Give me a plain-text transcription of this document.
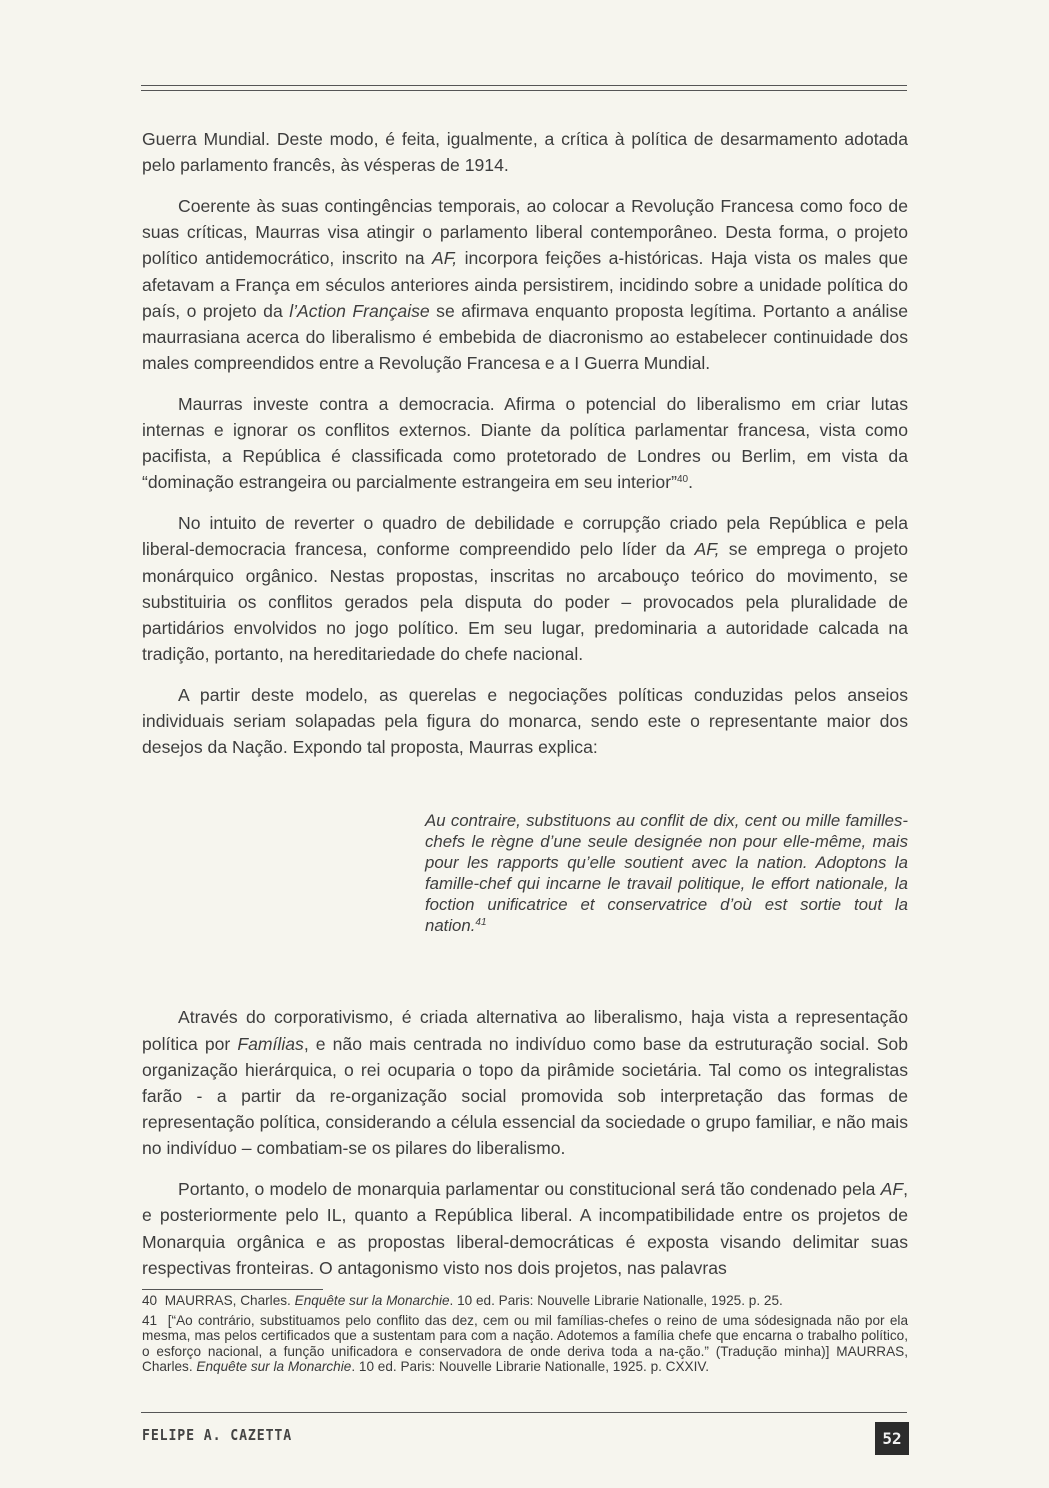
Guerra Mundial. Deste modo, é feita, igualmente, a crítica à política de desarmamento adotada pelo parlamento francês, às vésperas de 1914.

Coerente às suas contingências temporais, ao colocar a Revolução Francesa como foco de suas críticas, Maurras visa atingir o parlamento liberal contemporâneo. Desta forma, o projeto político antidemocrático, inscrito na AF, incorpora feições a-históricas. Haja vista os males que afetavam a França em séculos anteriores ainda persistirem, incidindo sobre a unidade política do país, o projeto da l’Action Française se afirmava enquanto proposta legítima. Portanto a análise maurrasiana acerca do liberalismo é embebida de diacronismo ao estabelecer continuidade dos males compreendidos entre a Revolução Francesa e a I Guerra Mundial.

Maurras investe contra a democracia. Afirma o potencial do liberalismo em criar lutas internas e ignorar os conflitos externos. Diante da política parlamentar francesa, vista como pacifista, a República é classificada como protetorado de Londres ou Berlim, em vista da “dominação estrangeira ou parcialmente estrangeira em seu interior”$^{40}$.

No intuito de reverter o quadro de debilidade e corrupção criado pela República e pela liberal-democracia francesa, conforme compreendido pelo líder da AF, se emprega o projeto monárquico orgânico. Nestas propostas, inscritas no arcabouço teórico do movimento, se substituiria os conflitos gerados pela disputa do poder – provocados pela pluralidade de partidários envolvidos no jogo político. Em seu lugar, predominaria a autoridade calcada na tradição, portanto, na hereditariedade do chefe nacional.

A partir deste modelo, as querelas e negociações políticas conduzidas pelos anseios individuais seriam solapadas pela figura do monarca, sendo este o representante maior dos desejos da Nação. Expondo tal proposta, Maurras explica:

Au contraire, substituons au conflit de dix, cent ou mille familles-chefs le règne d’une seule designée non pour elle-même, mais pour les rapports qu’elle soutient avec la nation. Adoptons la famille-chef qui incarne le travail politique, le effort nationale, la foction unificatrice et conservatrice d’où est sortie tout la nation.$^{41}$

Através do corporativismo, é criada alternativa ao liberalismo, haja vista a representação política por Famílias, e não mais centrada no indivíduo como base da estruturação social. Sob organização hierárquica, o rei ocuparia o topo da pirâmide societária. Tal como os integralistas farão - a partir da re-organização social promovida sob interpretação das formas de representação política, considerando a célula essencial da sociedade o grupo familiar, e não mais no indivíduo – combatiam-se os pilares do liberalismo.

Portanto, o modelo de monarquia parlamentar ou constitucional será tão condenado pela AF, e posteriormente pelo IL, quanto a República liberal. A incompatibilidade entre os projetos de Monarquia orgânica e as propostas liberal-democráticas é exposta visando delimitar suas respectivas fronteiras. O antagonismo visto nos dois projetos, nas palavras

40 MAURRAS, Charles. Enquête sur la Monarchie. 10 ed. Paris: Nouvelle Librarie Nationalle, 1925. p. 25.

41 [“Ao contrário, substituamos pelo conflito das dez, cem ou mil famílias-chefes o reino de uma sódesignada não por ela mesma, mas pelos certificados que a sustentam para com a nação. Adotemos a família chefe que encarna o trabalho político, o esforço nacional, a função unificadora e conservadora de onde deriva toda a na-ção.” (Tradução minha)] MAURRAS, Charles. Enquête sur la Monarchie. 10 ed. Paris: Nouvelle Librarie Nationalle, 1925. p. CXXIV.

FELIPE A. CAZETTA	52
